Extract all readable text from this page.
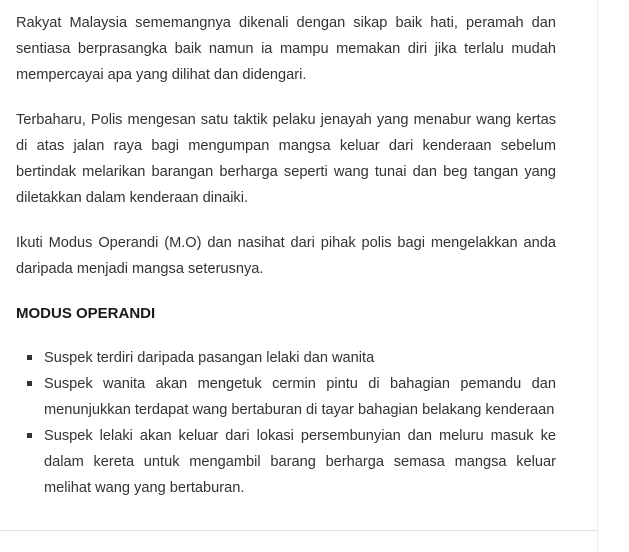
Rakyat Malaysia sememangnya dikenali dengan sikap baik hati, peramah dan sentiasa berprasangka baik namun ia mampu memakan diri jika terlalu mudah mempercayai apa yang dilihat dan didengari.

Terbaharu, Polis mengesan satu taktik pelaku jenayah yang menabur wang kertas di atas jalan raya bagi mengumpan mangsa keluar dari kenderaan sebelum bertindak melarikan barangan berharga seperti wang tunai dan beg tangan yang diletakkan dalam kenderaan dinaiki.

Ikuti Modus Operandi (M.O) dan nasihat dari pihak polis bagi mengelakkan anda daripada menjadi mangsa seterusnya.

MODUS OPERANDI
Suspek terdiri daripada pasangan lelaki dan wanita
Suspek wanita akan mengetuk cermin pintu di bahagian pemandu dan menunjukkan terdapat wang bertaburan di tayar bahagian belakang kenderaan
Suspek lelaki akan keluar dari lokasi persembunyian dan meluru masuk ke dalam kereta untuk mengambil barang berharga semasa mangsa keluar melihat wang yang bertaburan.
